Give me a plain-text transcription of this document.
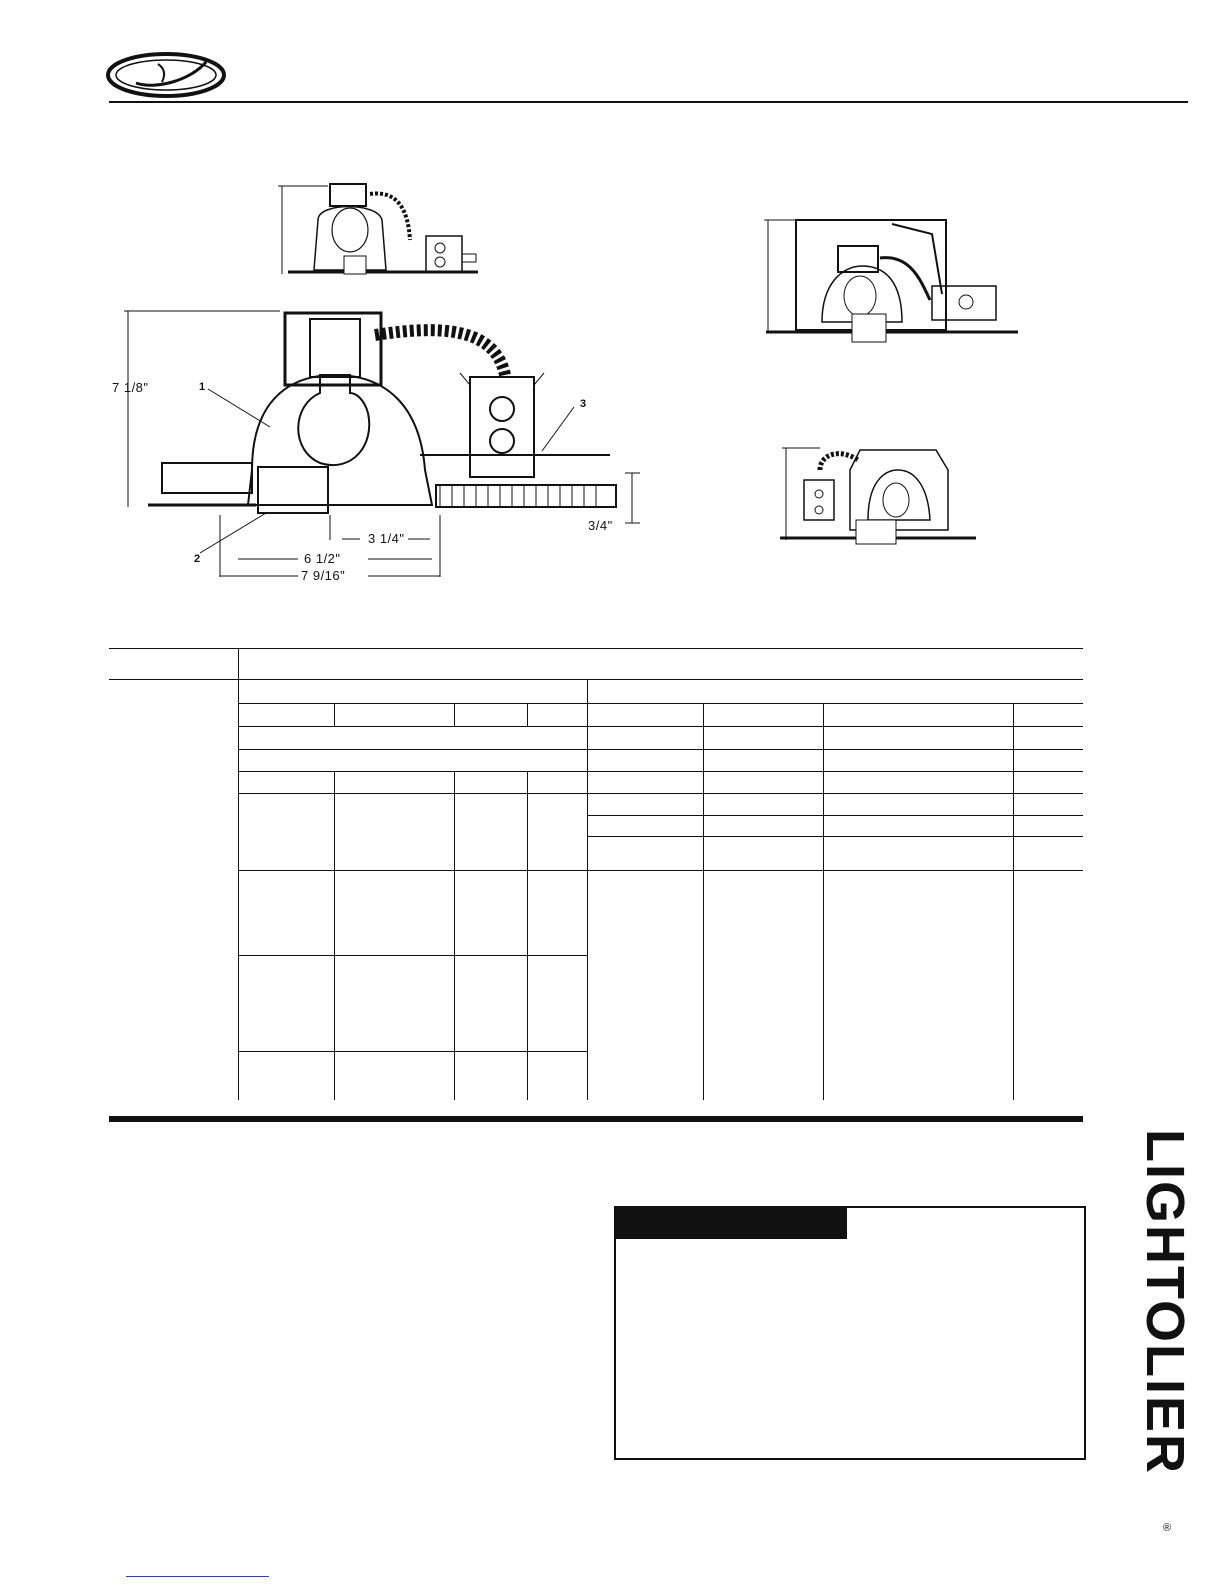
7 1/8"
3 1/4"
6 1/2"
7 9/16"
3/4"
1
2
3
LIGHTOLIER
®
